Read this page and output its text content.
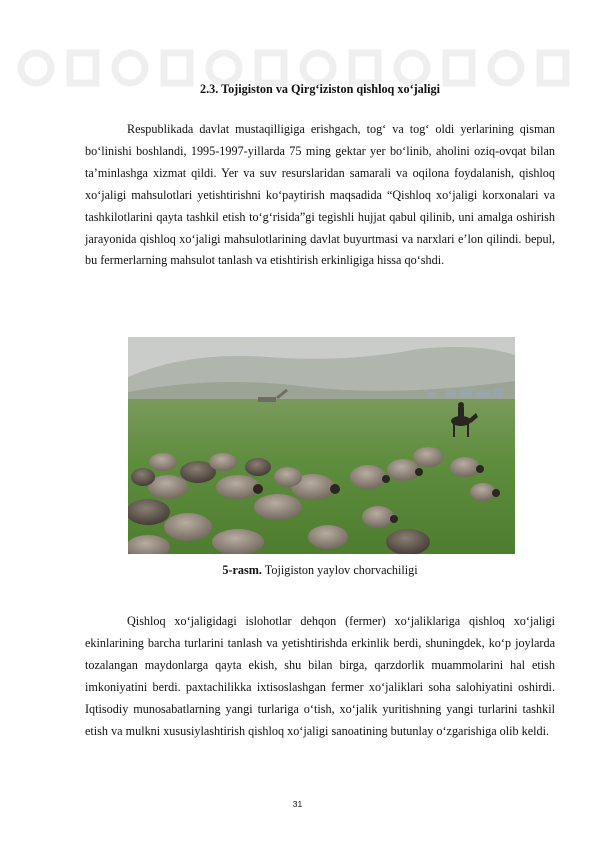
2.3. Tojigiston va Qirg‘iziston qishloq xo‘jaligi

Respublikada davlat mustaqilligiga erishgach, tog‘ va tog‘ oldi yerlarining qisman bo‘linishi boshlandi, 1995-1997-yillarda 75 ming gektar yer bo‘linib, aholini oziq-ovqat bilan ta’minlashga xizmat qildi. Yer va suv resurslaridan samarali va oqilona foydalanish, qishloq xo‘jaligi mahsulotlari yetishtirishni ko‘paytirish maqsadida “Qishloq xo‘jaligi korxonalari va tashkilotlarini qayta tashkil etish to‘g‘risida”gi tegishli hujjat qabul qilinib, uni amalga oshirish jarayonida qishloq xo‘jaligi mahsulotlarining davlat buyurtmasi va narxlari e’lon qilindi. bepul, bu fermerlarning mahsulot tanlash va etishtirish erkinligiga hissa qo‘shdi.

5-rasm. Tojigiston yaylov chorvachiligi

Qishloq xo‘jaligidagi islohotlar dehqon (fermer) xo‘jaliklariga qishloq xo‘jaligi ekinlarining barcha turlarini tanlash va yetishtirishda erkinlik berdi, shuningdek, ko‘p joylarda tozalangan maydonlarga qayta ekish, shu bilan birga, qarzdorlik muammolarini hal etish imkoniyatini berdi. paxtachilikka ixtisoslashgan fermer xo‘jaliklari soha salohiyatini oshirdi. Iqtisodiy munosabatlarning yangi turlariga o‘tish, xo‘jalik yuritishning yangi turlarini tashkil etish va mulkni xususiylashtirish qishloq xo‘jaligi sanoatining butunlay o‘zgarishiga olib keldi.

31
